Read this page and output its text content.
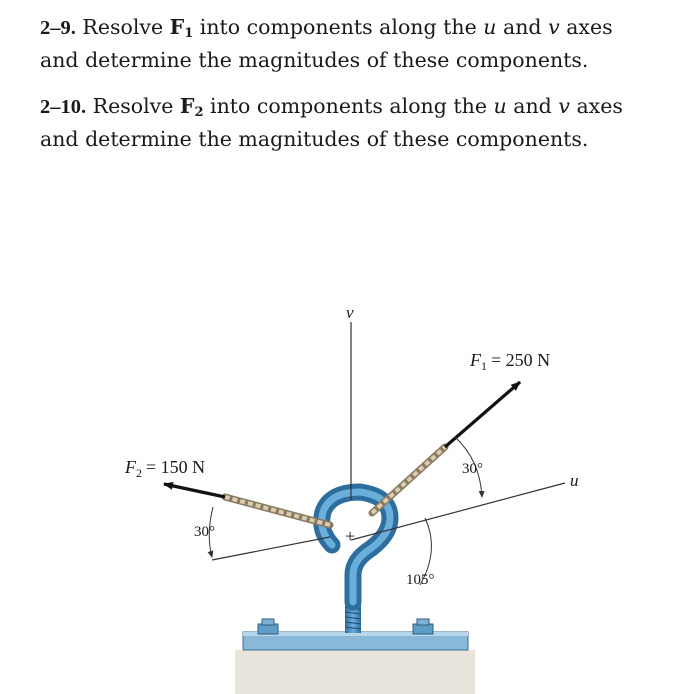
2–9. Resolve $F_1$ into components along the u and v axes
and determine the magnitudes of these components.
2–10. Resolve $F_2$ into components along the u and v axes
and determine the magnitudes of these components.
v
u
$F_1 = 250$ N
$F_2 = 150$ N	30°
30°
105°
+
